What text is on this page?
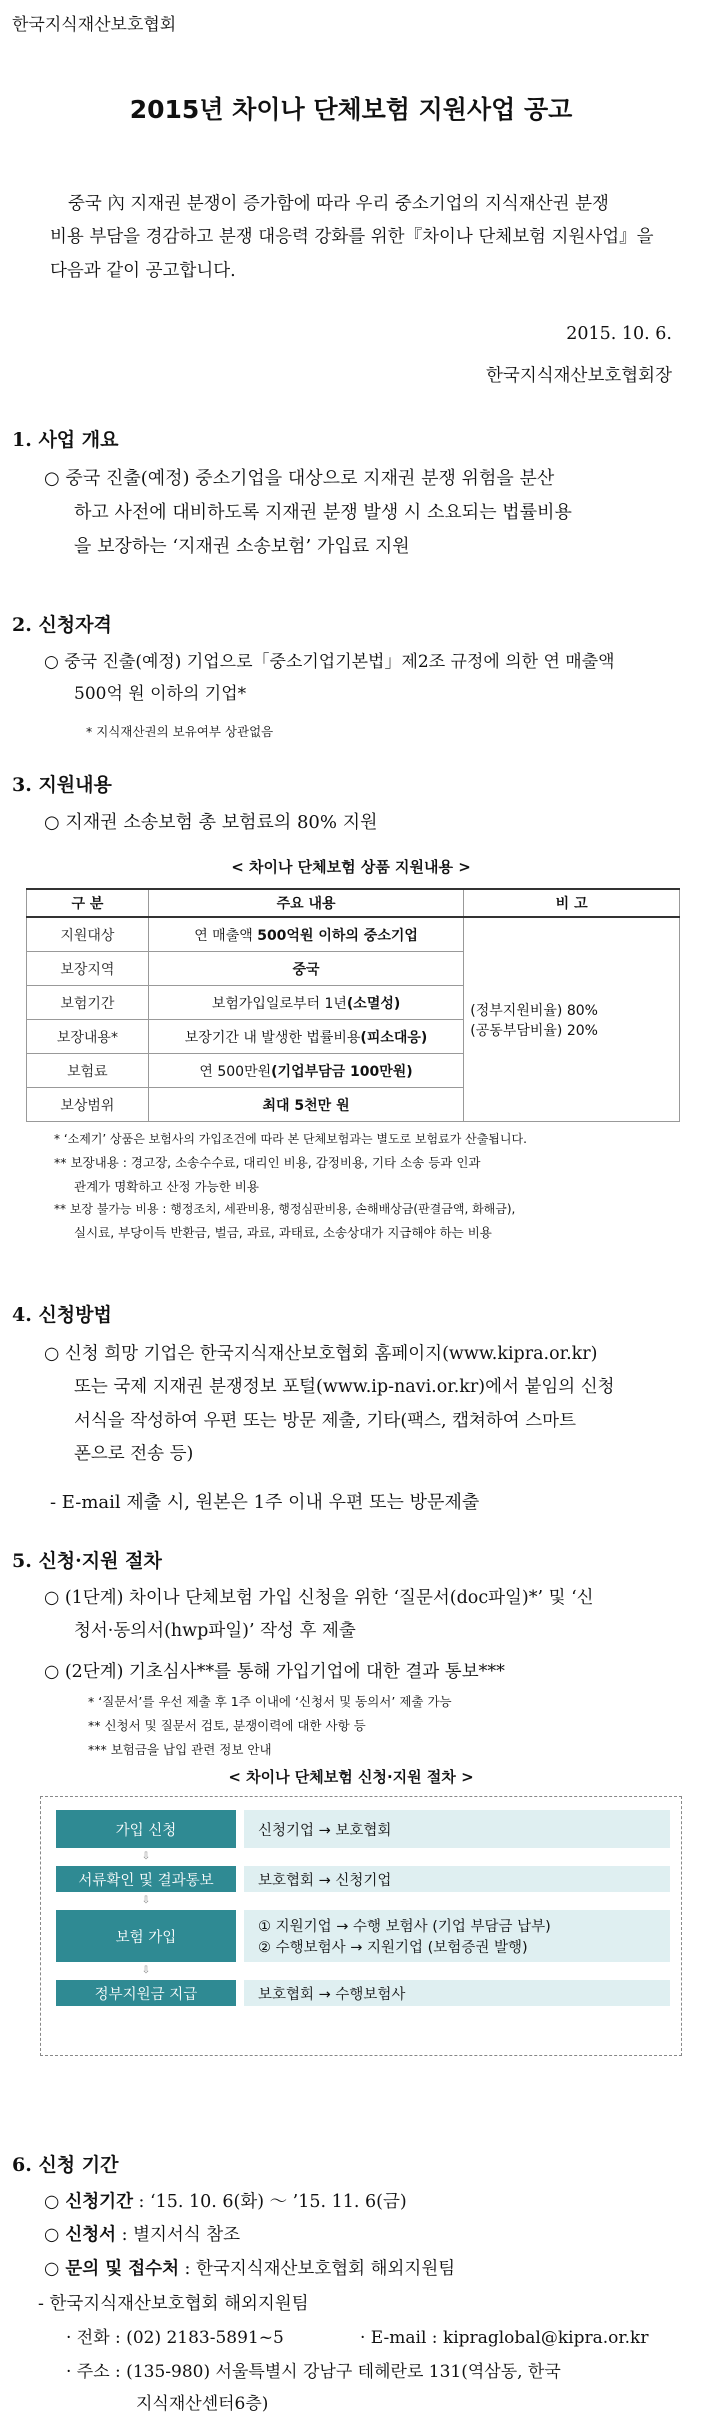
한국지식재산보호협회
2015년 차이나 단체보험 지원사업 공고
중국 內 지재권 분쟁이 증가함에 따라 우리 중소기업의 지식재산권 분쟁
비용 부담을 경감하고 분쟁 대응력 강화를 위한『차이나 단체보험 지원사업』을
다음과 같이 공고합니다.
2015. 10. 6.
한국지식재산보호협회장
1. 사업 개요
○ 중국 진출(예정) 중소기업을 대상으로 지재권 분쟁 위험을 분산
하고 사전에 대비하도록 지재권 분쟁 발생 시 소요되는 법률비용
을 보장하는 ‘지재권 소송보험’ 가입료 지원
2. 신청자격
○ 중국 진출(예정) 기업으로「중소기업기본법」제2조 규정에 의한 연 매출액
500억 원 이하의 기업*
* 지식재산권의 보유여부 상관없음
3. 지원내용
○ 지재권 소송보험 총 보험료의 80% 지원
< 차이나 단체보험 상품 지원내용 >
구 분	주요 내용	비 고
지원대상	연 매출액 500억원 이하의 중소기업	(정부지원비율) 80%
(공동부담비율) 20%

보장지역	중국	
보험기간	보험가입일로부터 1년(소멸성)	
보장내용*	보장기간 내 발생한 법률비용(피소대응)	
보험료	연 500만원(기업부담금 100만원)	
보상범위	최대 5천만 원	
* ‘소제기’ 상품은 보험사의 가입조건에 따라 본 단체보험과는 별도로 보험료가 산출됩니다.
** 보장내용 : 경고장, 소송수수료, 대리인 비용, 감정비용, 기타 소송 등과 인과
관계가 명확하고 산정 가능한 비용
** 보장 불가능 비용 : 행정조치, 세관비용, 행정심판비용, 손해배상금(판결금액, 화해금),
실시료, 부당이득 반환금, 벌금, 과료, 과태료, 소송상대가 지급해야 하는 비용
4. 신청방법
○ 신청 희망 기업은 한국지식재산보호협회 홈페이지(www.kipra.or.kr)
또는 국제 지재권 분쟁정보 포털(www.ip-navi.or.kr)에서 붙임의 신청
서식을 작성하여 우편 또는 방문 제출, 기타(팩스, 캡쳐하여 스마트
폰으로 전송 등)
- E-mail 제출 시, 원본은 1주 이내 우편 또는 방문제출
5. 신청·지원 절차
○ (1단계) 차이나 단체보험 가입 신청을 위한 ‘질문서(doc파일)*’ 및 ‘신
청서·동의서(hwp파일)’ 작성 후 제출
○ (2단계) 기초심사**를 통해 가입기업에 대한 결과 통보***
* ‘질문서’를 우선 제출 후 1주 이내에 ‘신청서 및 동의서’ 제출 가능
** 신청서 및 질문서 검토, 분쟁이력에 대한 사항 등
*** 보험금을 납입 관련 정보 안내
< 차이나 단체보험 신청·지원 절차 >
가입 신청	신청기업 → 보호협회
⇩
서류확인 및 결과통보	보호협회 → 신청기업
⇩
보험 가입
① 지원기업 → 수행 보험사 (기업 부담금 납부)
② 수행보험사 → 지원기업 (보험증권 발행)
⇩
정부지원금 지급	보호협회 → 수행보험사
6. 신청 기간
○ 신청기간 : ‘15. 10. 6(화) ～ ’15. 11. 6(금)
○ 신청서 : 별지서식 참조
○ 문의 및 접수처 : 한국지식재산보호협회 해외지원팀
- 한국지식재산보호협회 해외지원팀
· 전화 : (02) 2183-5891~5	· E-mail : kipraglobal@kipra.or.kr
· 주소 : (135-980) 서울특별시 강남구 테헤란로 131(역삼동, 한국
지식재산센터6층)
